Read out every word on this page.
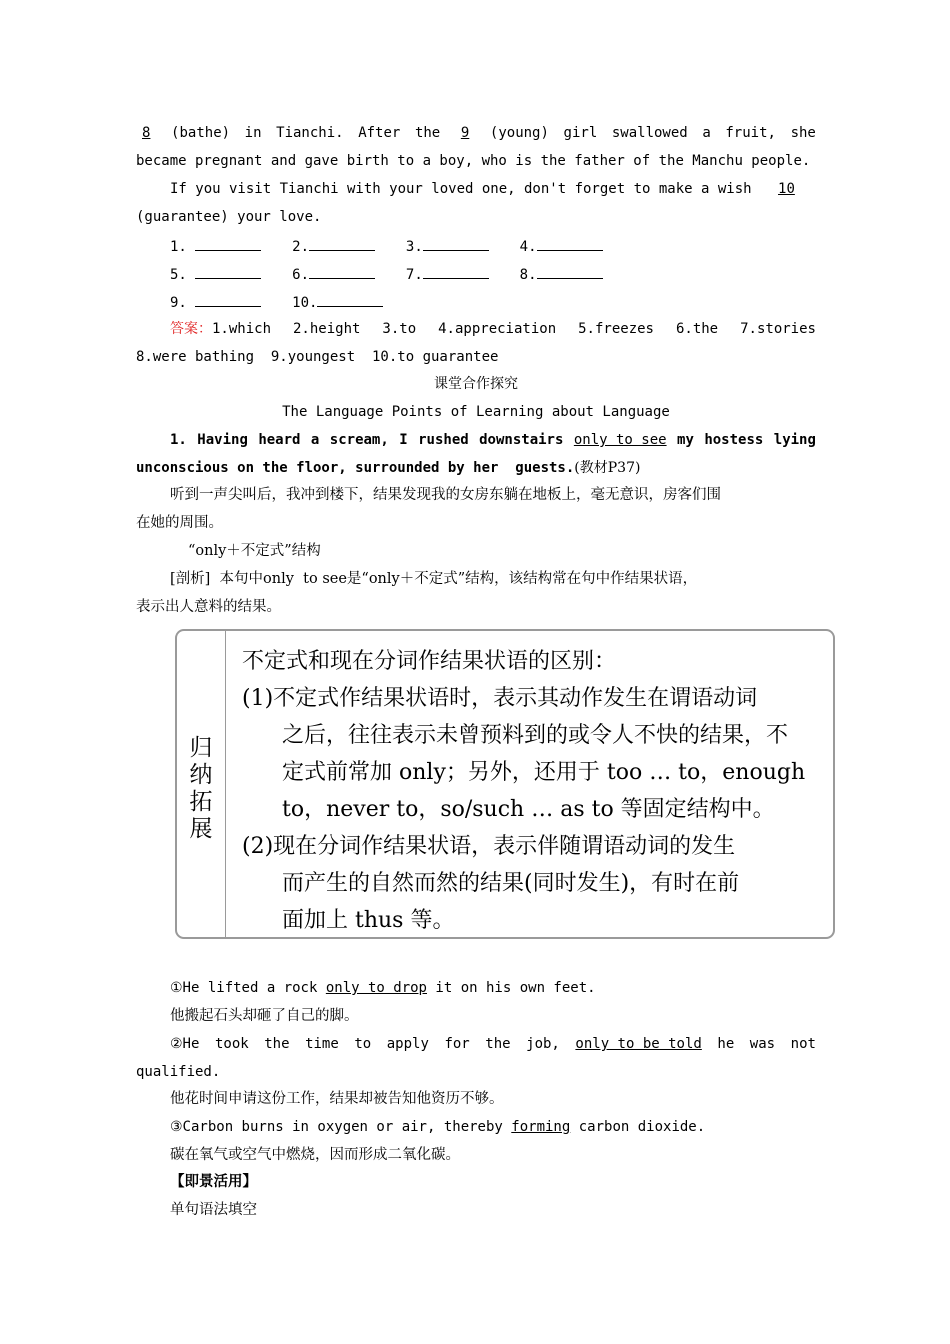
8	(bathe) in Tianchi. After the	9	(young) girl swallowed a fruit, she
became pregnant and gave birth to a boy, who is the father of the Manchu people.
If you visit Tianchi with your loved one, don't forget to make a wish 10
(guarantee) your love.
1.	2.	3.	4.
5.	6.	7.	8.
9.	10.
答案：1.which 2.height 3.to 4.appreciation 5.freezes 6.the 7.stories
8.were bathing  9.youngest  10.to guarantee
课堂合作探究
The Language Points of Learning about Language
1. Having heard a scream, I rushed downstairs only to see my hostess lying
unconscious on the floor, surrounded by her  guests.(教材P37)
听到一声尖叫后，我冲到楼下，结果发现我的女房东躺在地板上，毫无意识，房客们围
在她的周围。
“only＋不定式”结构
[剖析]  本句中only  to see是“only＋不定式”结构，该结构常在句中作结果状语，
表示出人意料的结果。
归
纳
拓
展

不定式和现在分词作结果状语的区别：

(1)不定式作结果状语时，表示其动作发生在谓语动词

之后，往往表示未曾预料到的或令人不快的结果，不

定式前常加 only；另外，还用于 too … to，enough

to，never to，so/such … as to 等固定结构中。

(2)现在分词作结果状语，表示伴随谓语动词的发生

而产生的自然而然的结果(同时发生)，有时在前

面加上 thus 等。

①He lifted a rock only to drop it on his own feet.
他搬起石头却砸了自己的脚。
②He took the time to apply for the job, only to be told he was not
qualified.
他花时间申请这份工作，结果却被告知他资历不够。
③Carbon burns in oxygen or air, thereby forming carbon dioxide.
碳在氧气或空气中燃烧，因而形成二氧化碳。
【即景活用】
单句语法填空
